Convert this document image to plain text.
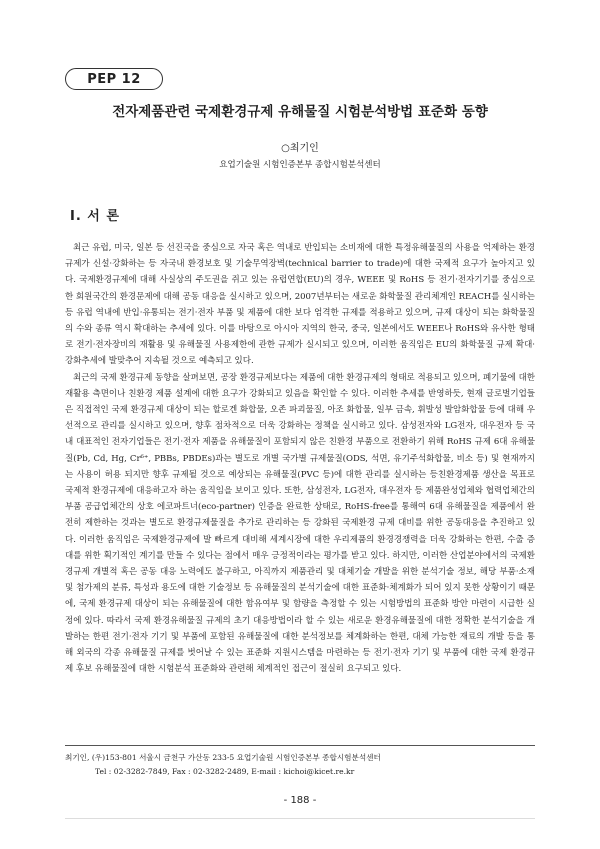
PEP 12
전자제품관련 국제환경규제 유해물질 시험분석방법 표준화 동향
○최기인
요업기술원 시험인증본부 종합시험분석센터
I. 서 론

최근 유럽, 미국, 일본 등 선진국을 중심으로 자국 혹은 역내로 반입되는 소비재에 대한 특정유해물질의 사용을 억제하는 환경규제가 신설·강화하는 등 자국내 환경보호 및 기술무역장벽(technical barrier to trade)에 대한 국제적 요구가 높아지고 있다. 국제환경규제에 대해 사실상의 주도권을 쥐고 있는 유럽연합(EU)의 경우, WEEE 및 RoHS 등 전기·전자기기를 중심으로 한 회원국간의 환경문제에 대해 공동 대응을 실시하고 있으며, 2007년부터는 새로운 화학물질 관리체계인 REACH를 실시하는 등 유럽 역내에 반입·유통되는 전기·전자 부품 및 제품에 대한 보다 엄격한 규제를 적용하고 있으며, 규제 대상이 되는 화학물질의 수와 종류 역시 확대하는 추세에 있다. 이를 바탕으로 아시아 지역의 한국, 중국, 일본에서도 WEEE나 RoHS와 유사한 형태로 전기·전자장비의 재활용 및 유해물질 사용제한에 관한 규제가 실시되고 있으며, 이러한 움직임은 EU의 화학물질 규제 확대·강화추세에 발맞추어 지속될 것으로 예측되고 있다.

최근의 국제 환경규제 동향을 살펴보면, 공장 환경규제보다는 제품에 대한 환경규제의 형태로 적용되고 있으며, 폐기물에 대한 재활용 측면이나 친환경 제품 설계에 대한 요구가 강화되고 있음을 확인할 수 있다. 이러한 추세를 반영하듯, 현재 글로벌기업들은 직접적인 국제 환경규제 대상이 되는 할로겐 화합물, 오존 파괴물질, 아조 화합물, 일부 금속, 휘발성 발암화합물 등에 대해 우선적으로 관리를 실시하고 있으며, 향후 점차적으로 더욱 강화하는 정책을 실시하고 있다. 삼성전자와 LG전자, 대우전자 등 국내 대표적인 전자기업들은 전기·전자 제품을 유해물질이 포함되지 않은 친환경 부품으로 전환하기 위해 RoHS 규제 6대 유해물질(Pb, Cd, Hg, Cr⁶⁺, PBBs, PBDEs)과는 별도로 개별 국가별 규제물질(ODS, 석면, 유기주석화합물, 비소 등) 및 현재까지는 사용이 허용 되지만 향후 규제될 것으로 예상되는 유해물질(PVC 등)에 대한 관리를 실시하는 등친환경제품 생산을 목표로 국제적 환경규제에 대응하고자 하는 움직임을 보이고 있다. 또한, 삼성전자, LG전자, 대우전자 등 제품완성업체와 협력업체간의 부품 공급업체간의 상호 에코파트너(eco-partner) 인증을 완료한 상태로, RoHS-free를 통해여 6대 유해물질을 제품에서 완전히 제한하는 것과는 별도로 환경규제물질을 추가로 관리하는 등 강화된 국제환경 규제 대비를 위한 공동대응을 추진하고 있다. 이러한 움직임은 국제환경규제에 발 빠르게 대비해 세계시장에 대한 우리제품의 환경경쟁력을 더욱 강화하는 한편, 수출 증대를 위한 획기적인 계기를 만들 수 있다는 점에서 매우 긍정적이라는 평가를 받고 있다. 하지만, 이러한 산업분야에서의 국제환경규제 개별적 혹은 공동 대응 노력에도 불구하고, 아직까지 제품관리 및 대체기술 개발을 위한 분석기술 정보, 해당 부품·소재 및 첨가제의 분류, 특성과 용도에 대한 기술정보 등 유해물질의 분석기술에 대한 표준화·체계화가 되어 있지 못한 상황이기 때문에, 국제 환경규제 대상이 되는 유해물질에 대한 함유여부 및 함량을 측정할 수 있는 시험방법의 표준화 방안 마련이 시급한 실정에 있다. 따라서 국제 환경유해물질 규제의 초기 대응방법이라 할 수 있는 새로운 환경유해물질에 대한 정확한 분석기술을 개발하는 한편 전기·전자 기기 및 부품에 포함된 유해물질에 대한 분석정보를 체계화하는 한편, 대체 가능한 재료의 개발 등을 통해 외국의 각종 유해물질 규제를 벗어날 수 있는 표준화 지원시스템을 마련하는 등 전기·전자 기기 및 부품에 대한 국제 환경규제 후보 유해물질에 대한 시험분석 표준화와 관련해 체계적인 접근이 절실히 요구되고 있다.

최기인, (우)153-801 서울시 금천구 가산동 233-5 요업기술원 시험인증본부 종합시험분석센터
Tel : 02-3282-7849, Fax : 02-3282-2489, E-mail : kichoi@kicet.re.kr
- 188 -
